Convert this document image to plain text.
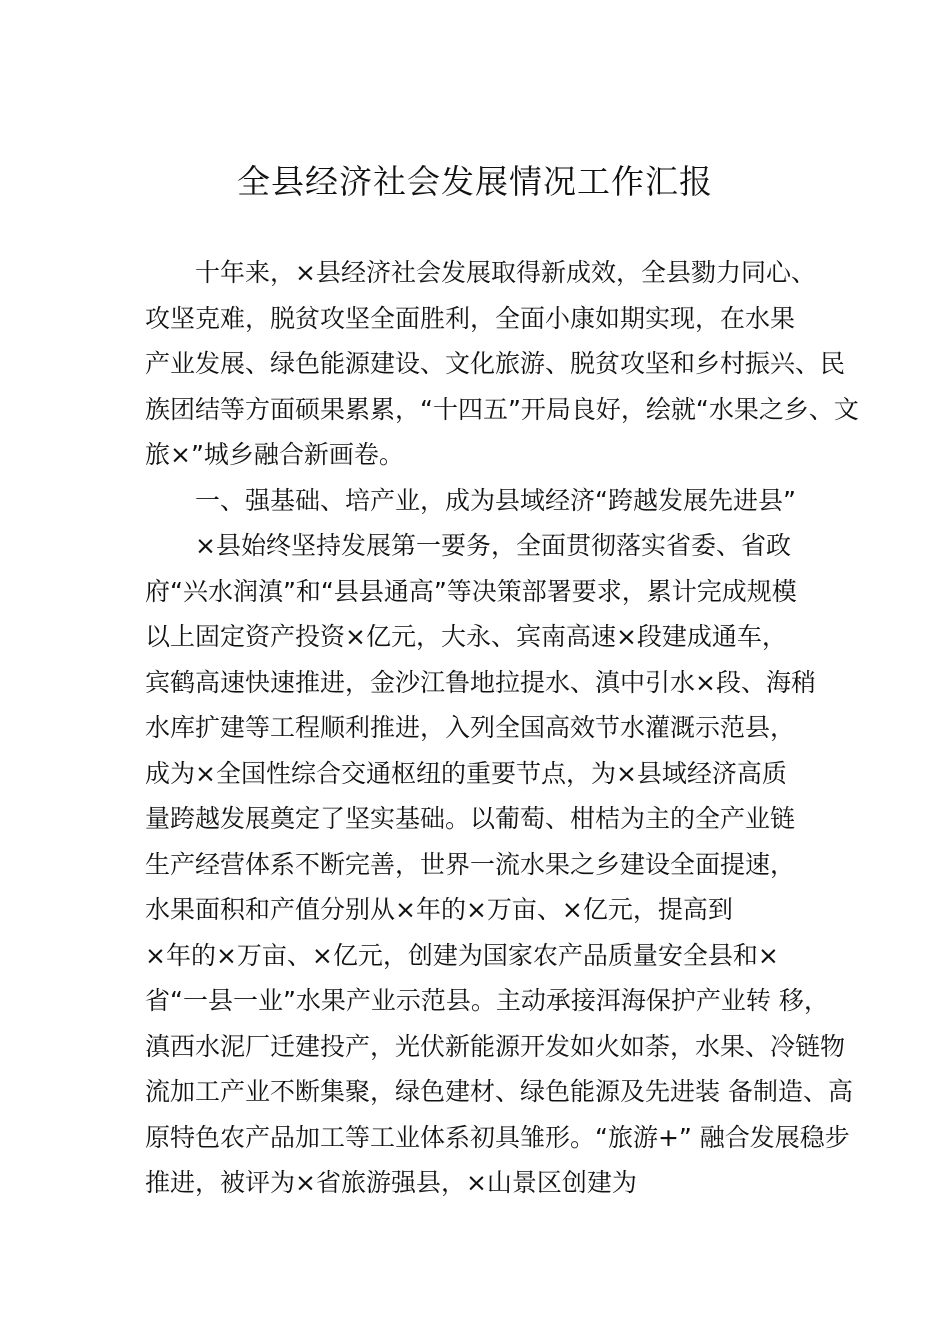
全县经济社会发展情况工作汇报
十年来，×县经济社会发展取得新成效，全县勠力同心、
攻坚克难，脱贫攻坚全面胜利，全面小康如期实现，在水果
产业发展、绿色能源建设、文化旅游、脱贫攻坚和乡村振兴、民
族团结等方面硕果累累，“十四五”开局良好，绘就“水果之乡、文
旅×”城乡融合新画卷。
一、强基础、培产业，成为县域经济“跨越发展先进县”
×县始终坚持发展第一要务，全面贯彻落实省委、省政
府“兴水润滇”和“县县通高”等决策部署要求，累计完成规模
以上固定资产投资×亿元，大永、宾南高速×段建成通车，
宾鹤高速快速推进，金沙江鲁地拉提水、滇中引水×段、海稍
水库扩建等工程顺利推进，入列全国高效节水灌溉示范县，
成为×全国性综合交通枢纽的重要节点，为×县域经济高质
量跨越发展奠定了坚实基础。以葡萄、柑桔为主的全产业链
生产经营体系不断完善，世界一流水果之乡建设全面提速，
水果面积和产值分别从×年的×万亩、×亿元，提高到
×年的×万亩、×亿元，创建为国家农产品质量安全县和×
省“一县一业”水果产业示范县。主动承接洱海保护产业转 移，
滇西水泥厂迁建投产，光伏新能源开发如火如荼，水果、冷链物
流加工产业不断集聚，绿色建材、绿色能源及先进装 备制造、高
原特色农产品加工等工业体系初具雏形。“旅游+” 融合发展稳步
推进，被评为×省旅游强县，×山景区创建为
